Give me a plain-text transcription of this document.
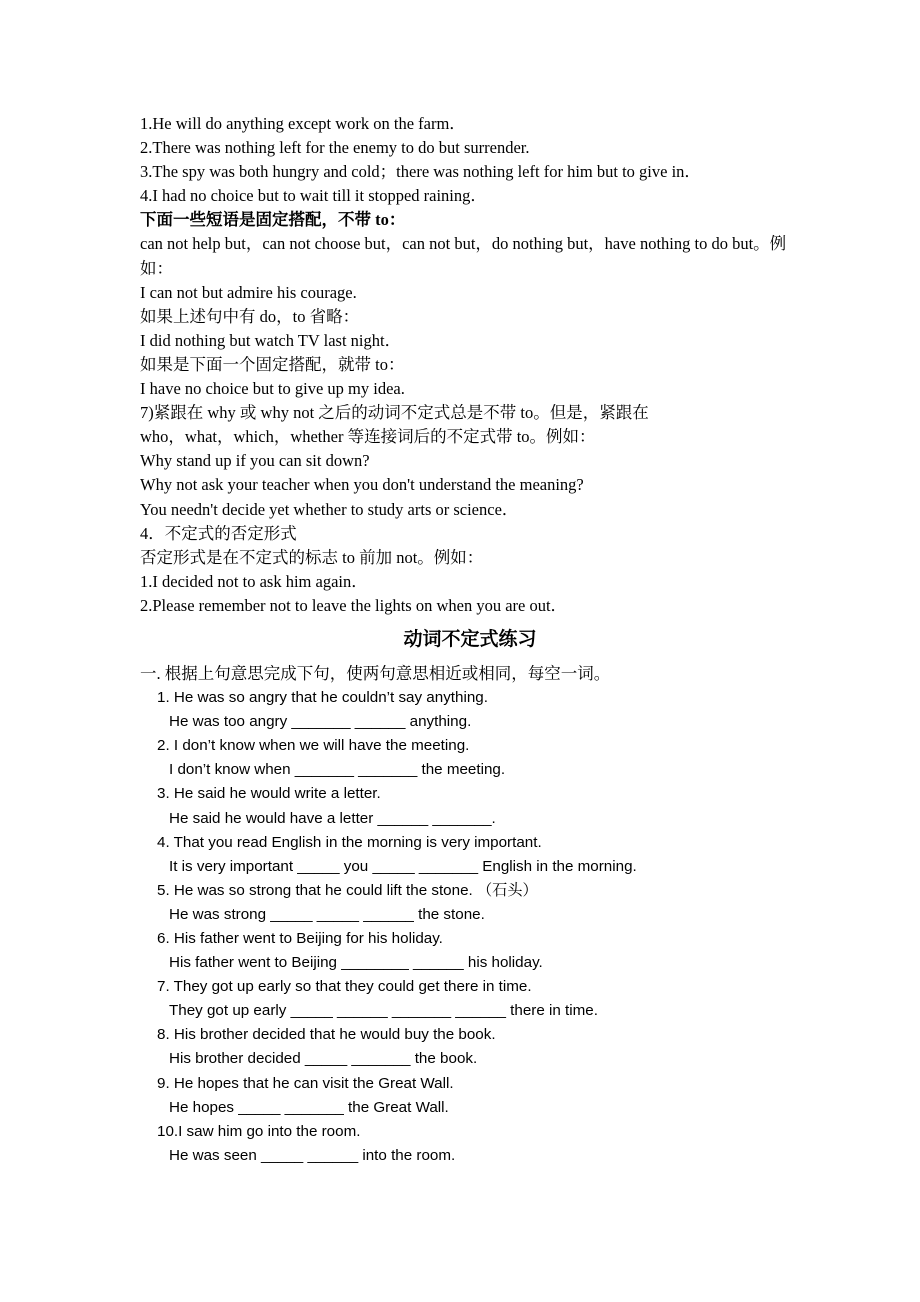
1.He will do anything except work on the farm．
2.There was nothing left for the enemy to do but surrender.
3.The spy was both hungry and cold；there was nothing left for him but to give in．
4.I had no choice but to wait till it stopped raining．
下面一些短语是固定搭配，不带 to：
can not help but，can not choose but，can not but，do nothing but，have nothing to do but。例如：
I can not but admire his courage.
如果上述句中有 do，to 省略：
I did nothing but watch TV last night．
如果是下面一个固定搭配，就带 to：
I have no choice but to give up my idea.
7)紧跟在 why 或 why not 之后的动词不定式总是不带 to。但是，紧跟在
who，what，which，whether 等连接词后的不定式带 to。例如：
Why stand up if you can sit down?
Why not ask your teacher when you don't understand the meaning?
You needn't decide yet whether to study arts or science．
4．不定式的否定形式
否定形式是在不定式的标志 to 前加 not。例如：
1.I decided not to ask him again．
2.Please remember not to leave the lights on when you are out．
动词不定式练习
一. 根据上句意思完成下句，使两句意思相近或相同，每空一词。
1. He was so angry that he couldn’t say anything.
He was too angry _______ ______ anything.
2. I don’t know when we will have the meeting.
I don’t know when _______ _______ the meeting.
3. He said he would write a letter.
He said he would have a letter ______ _______.
4. That you read English in the morning is very important.
It is very important _____ you _____ _______ English in the morning.
5. He was so strong that he could lift the stone. （石头）
He was strong _____ _____ ______ the stone.
6. His father went to Beijing for his holiday.
His father went to Beijing ________ ______ his holiday.
7. They got up early so that they could get there in time.
They got up early _____ ______ _______ ______ there in time.
8. His brother decided that he would buy the book.
His brother decided _____ _______ the book.
9. He hopes that he can visit the Great Wall.
He hopes _____ _______ the Great Wall.
10.I saw him go into the room.
He was seen _____ ______ into the room.
